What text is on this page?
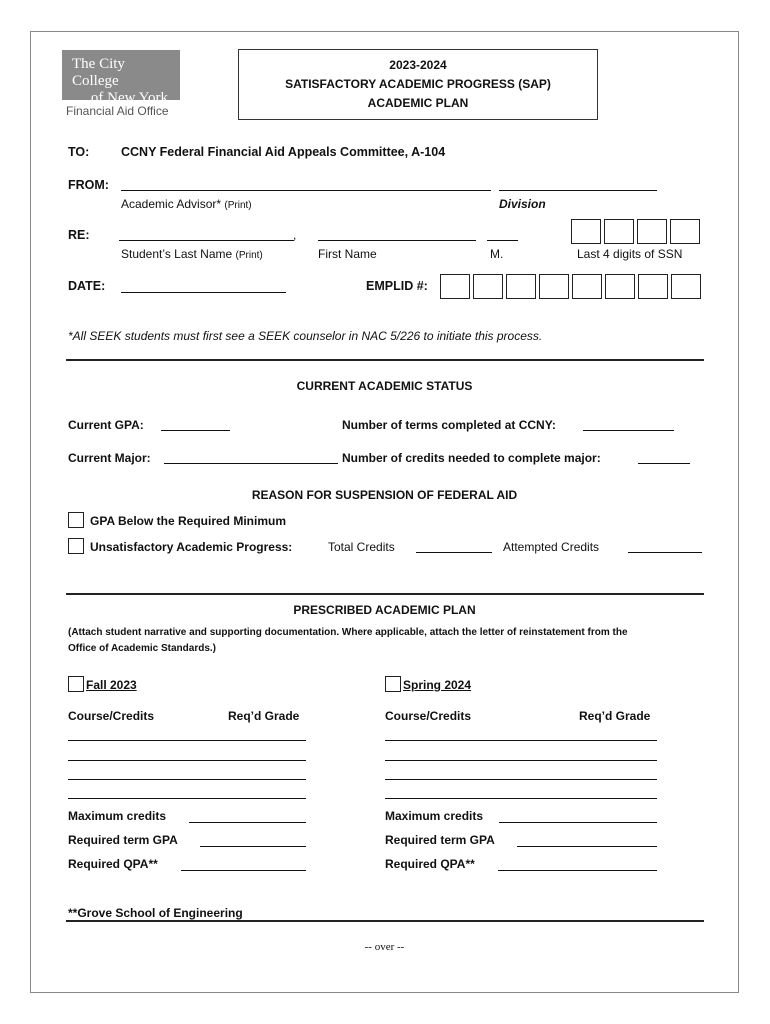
The City College
of New York
Financial Aid Office
2023-2024
SATISFACTORY ACADEMIC PROGRESS (SAP)
ACADEMIC PLAN
TO:	CCNY Federal Financial Aid Appeals Committee, A-104
FROM:
Academic Advisor* (Print)	Division
RE:	,
Student’s Last Name (Print)	First Name	M.	Last 4 digits of SSN
DATE:	EMPLID #:
*All SEEK students must first see a SEEK counselor in NAC 5/226 to initiate this process.
CURRENT ACADEMIC STATUS
Current GPA:	Number of terms completed at CCNY:
Current Major:	Number of credits needed to complete major:
REASON FOR SUSPENSION OF FEDERAL AID
GPA Below the Required Minimum
Unsatisfactory Academic Progress:	Total Credits	Attempted Credits
PRESCRIBED ACADEMIC PLAN
(Attach student narrative and supporting documentation. Where applicable, attach the letter of reinstatement from the
Office of Academic Standards.)
Fall 2023
Course/Credits	Req’d Grade
Maximum credits
Required term GPA
Required QPA**
Spring 2024
Course/Credits	Req’d Grade
Maximum credits
Required term GPA
Required QPA**
**Grove School of Engineering
-- over --
